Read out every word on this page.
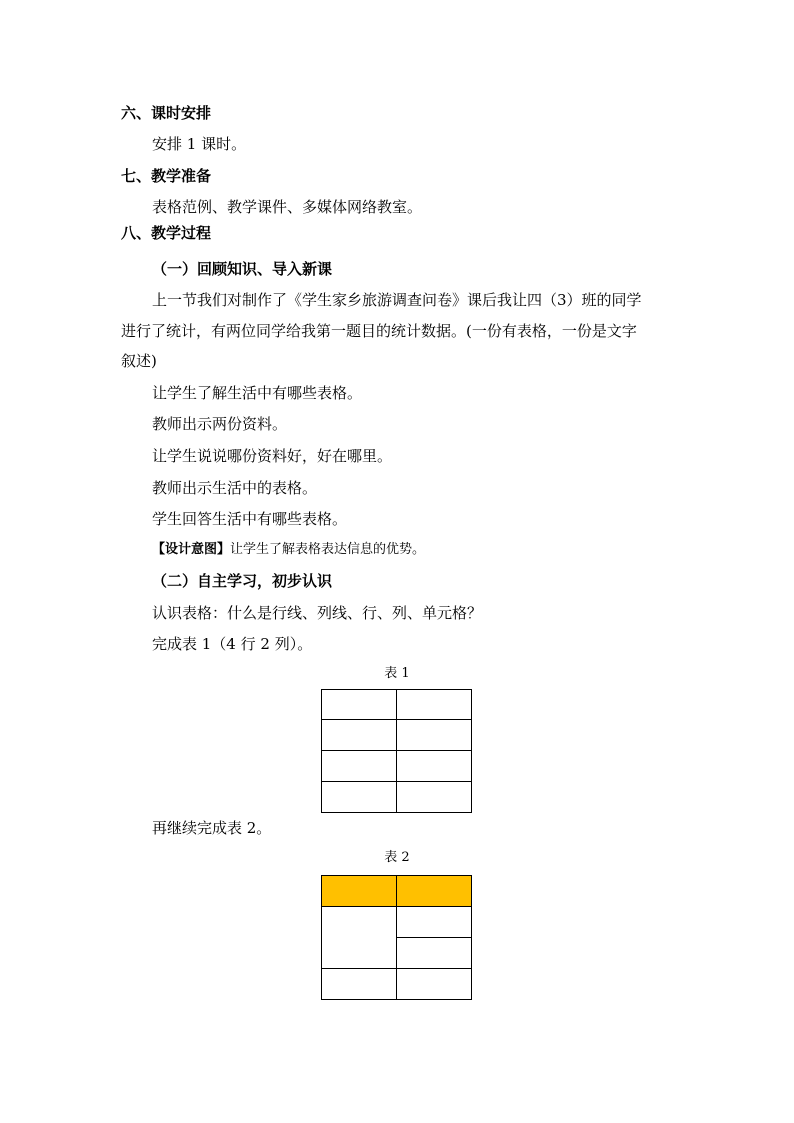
六、课时安排
安排 1 课时。
七、教学准备
表格范例、教学课件、多媒体网络教室。
八、教学过程
（一）回顾知识、导入新课
上一节我们对制作了《学生家乡旅游调查问卷》课后我让四（3）班的同学
进行了统计，有两位同学给我第一题目的统计数据。(一份有表格，一份是文字
叙述)
让学生了解生活中有哪些表格。
教师出示两份资料。
让学生说说哪份资料好，好在哪里。
教师出示生活中的表格。
学生回答生活中有哪些表格。
【设计意图】让学生了解表格表达信息的优势。
（二）自主学习，初步认识
认识表格：什么是行线、列线、行、列、单元格？
完成表 1（4 行 2 列）。
表 1

再继续完成表 2。
表 2
